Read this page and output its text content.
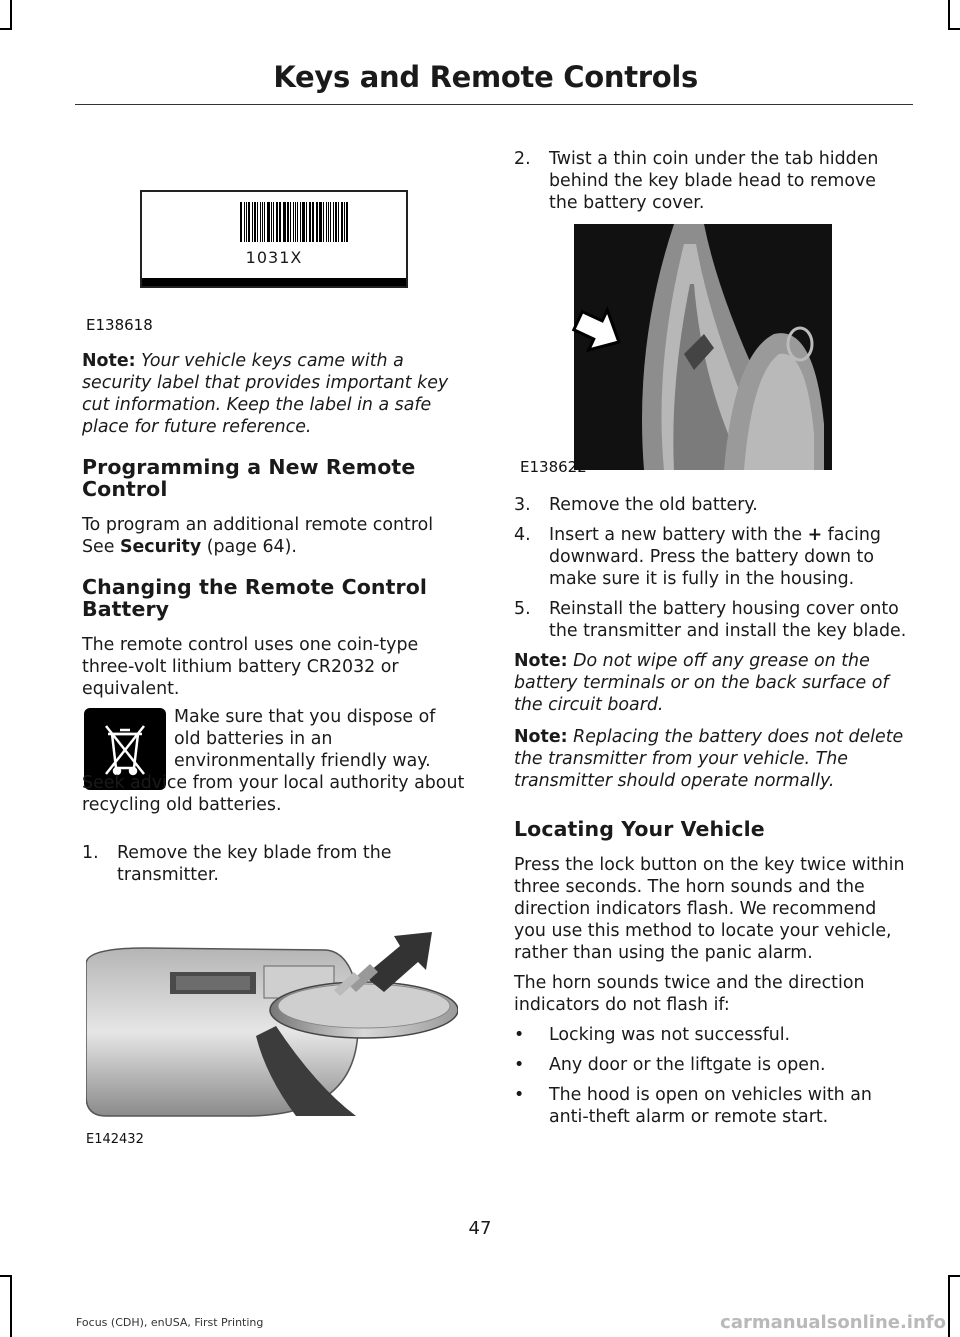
Keys and Remote Controls
1031X
E138618

Note: Your vehicle keys came with a security label that provides important key cut information. Keep the label in a safe place for future reference.

Programming a New Remote Control

To program an additional remote control See Security (page 64).

Changing the Remote Control Battery

The remote control uses one coin-type three-volt lithium battery CR2032 or equivalent.

Make sure that you dispose of old batteries in an environmentally friendly way.

Seek advice from your local authority about recycling old batteries.

1. Remove the key blade from the transmitter.
E142432
2. Twist a thin coin under the tab hidden behind the key blade head to remove the battery cover.
E138622
3. Remove the old battery.
4. Insert a new battery with the + facing downward. Press the battery down to make sure it is fully in the housing.
5. Reinstall the battery housing cover onto the transmitter and install the key blade.

Note: Do not wipe off any grease on the battery terminals or on the back surface of the circuit board.

Note: Replacing the battery does not delete the transmitter from your vehicle. The transmitter should operate normally.

Locating Your Vehicle

Press the lock button on the key twice within three seconds. The horn sounds and the direction indicators flash. We recommend you use this method to locate your vehicle, rather than using the panic alarm.

The horn sounds twice and the direction indicators do not flash if:

• Locking was not successful.
• Any door or the liftgate is open.
• The hood is open on vehicles with an anti-theft alarm or remote start.
47
Focus (CDH), enUSA, First Printing	carmanualsonline.info
